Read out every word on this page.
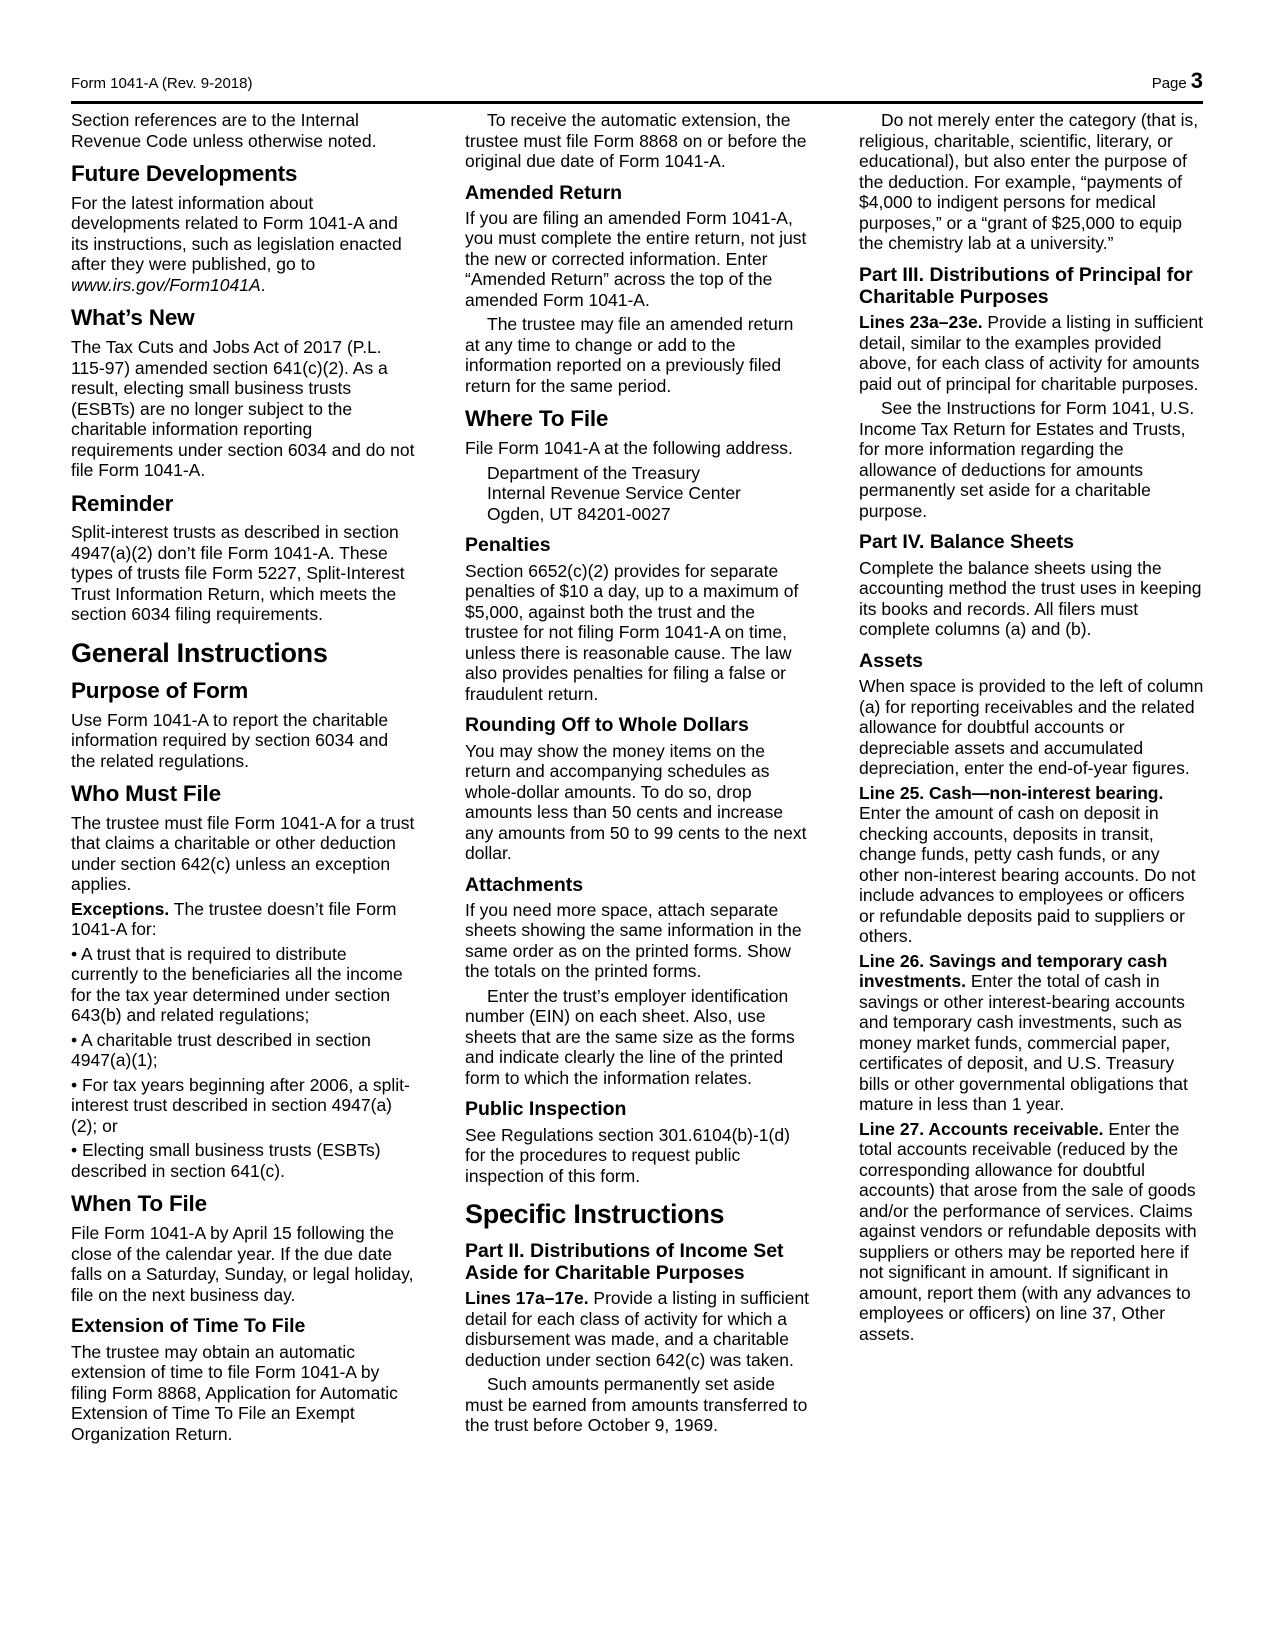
Form 1041-A (Rev. 9-2018)	Page 3
Section references are to the Internal Revenue Code unless otherwise noted.
Future Developments
For the latest information about developments related to Form 1041-A and its instructions, such as legislation enacted after they were published, go to www.irs.gov/Form1041A.
What’s New
The Tax Cuts and Jobs Act of 2017 (P.L. 115-97) amended section 641(c)(2). As a result, electing small business trusts (ESBTs) are no longer subject to the charitable information reporting requirements under section 6034 and do not file Form 1041-A.
Reminder
Split-interest trusts as described in section 4947(a)(2) don’t file Form 1041-A. These types of trusts file Form 5227, Split-Interest Trust Information Return, which meets the section 6034 filing requirements.
General Instructions
Purpose of Form
Use Form 1041-A to report the charitable information required by section 6034 and the related regulations.
Who Must File
The trustee must file Form 1041-A for a trust that claims a charitable or other deduction under section 642(c) unless an exception applies.
Exceptions. The trustee doesn’t file Form 1041-A for:
• A trust that is required to distribute currently to the beneficiaries all the income for the tax year determined under section 643(b) and related regulations;
• A charitable trust described in section 4947(a)(1);
• For tax years beginning after 2006, a split-interest trust described in section 4947(a)(2); or
• Electing small business trusts (ESBTs) described in section 641(c).
When To File
File Form 1041-A by April 15 following the close of the calendar year. If the due date falls on a Saturday, Sunday, or legal holiday, file on the next business day.
Extension of Time To File
The trustee may obtain an automatic extension of time to file Form 1041-A by filing Form 8868, Application for Automatic Extension of Time To File an Exempt Organization Return.
To receive the automatic extension, the trustee must file Form 8868 on or before the original due date of Form 1041-A.
Amended Return
If you are filing an amended Form 1041-A, you must complete the entire return, not just the new or corrected information. Enter “Amended Return” across the top of the amended Form 1041-A.
The trustee may file an amended return at any time to change or add to the information reported on a previously filed return for the same period.
Where To File
File Form 1041-A at the following address.
Department of the Treasury
Internal Revenue Service Center
Ogden, UT 84201-0027
Penalties
Section 6652(c)(2) provides for separate penalties of $10 a day, up to a maximum of $5,000, against both the trust and the trustee for not filing Form 1041-A on time, unless there is reasonable cause. The law also provides penalties for filing a false or fraudulent return.
Rounding Off to Whole Dollars
You may show the money items on the return and accompanying schedules as whole-dollar amounts. To do so, drop amounts less than 50 cents and increase any amounts from 50 to 99 cents to the next dollar.
Attachments
If you need more space, attach separate sheets showing the same information in the same order as on the printed forms. Show the totals on the printed forms.
Enter the trust’s employer identification number (EIN) on each sheet. Also, use sheets that are the same size as the forms and indicate clearly the line of the printed form to which the information relates.
Public Inspection
See Regulations section 301.6104(b)-1(d) for the procedures to request public inspection of this form.
Specific Instructions
Part II. Distributions of Income Set Aside for Charitable Purposes
Lines 17a–17e. Provide a listing in sufficient detail for each class of activity for which a disbursement was made, and a charitable deduction under section 642(c) was taken.
Such amounts permanently set aside must be earned from amounts transferred to the trust before October 9, 1969.
Do not merely enter the category (that is, religious, charitable, scientific, literary, or educational), but also enter the purpose of the deduction. For example, “payments of $4,000 to indigent persons for medical purposes,” or a “grant of $25,000 to equip the chemistry lab at a university.”
Part III. Distributions of Principal for Charitable Purposes
Lines 23a–23e. Provide a listing in sufficient detail, similar to the examples provided above, for each class of activity for amounts paid out of principal for charitable purposes.
See the Instructions for Form 1041, U.S. Income Tax Return for Estates and Trusts, for more information regarding the allowance of deductions for amounts permanently set aside for a charitable purpose.
Part IV. Balance Sheets
Complete the balance sheets using the accounting method the trust uses in keeping its books and records. All filers must complete columns (a) and (b).
Assets
When space is provided to the left of column (a) for reporting receivables and the related allowance for doubtful accounts or depreciable assets and accumulated depreciation, enter the end-of-year figures.
Line 25. Cash—non-interest bearing. Enter the amount of cash on deposit in checking accounts, deposits in transit, change funds, petty cash funds, or any other non-interest bearing accounts. Do not include advances to employees or officers or refundable deposits paid to suppliers or others.
Line 26. Savings and temporary cash investments. Enter the total of cash in savings or other interest-bearing accounts and temporary cash investments, such as money market funds, commercial paper, certificates of deposit, and U.S. Treasury bills or other governmental obligations that mature in less than 1 year.
Line 27. Accounts receivable. Enter the total accounts receivable (reduced by the corresponding allowance for doubtful accounts) that arose from the sale of goods and/or the performance of services. Claims against vendors or refundable deposits with suppliers or others may be reported here if not significant in amount. If significant in amount, report them (with any advances to employees or officers) on line 37, Other assets.
